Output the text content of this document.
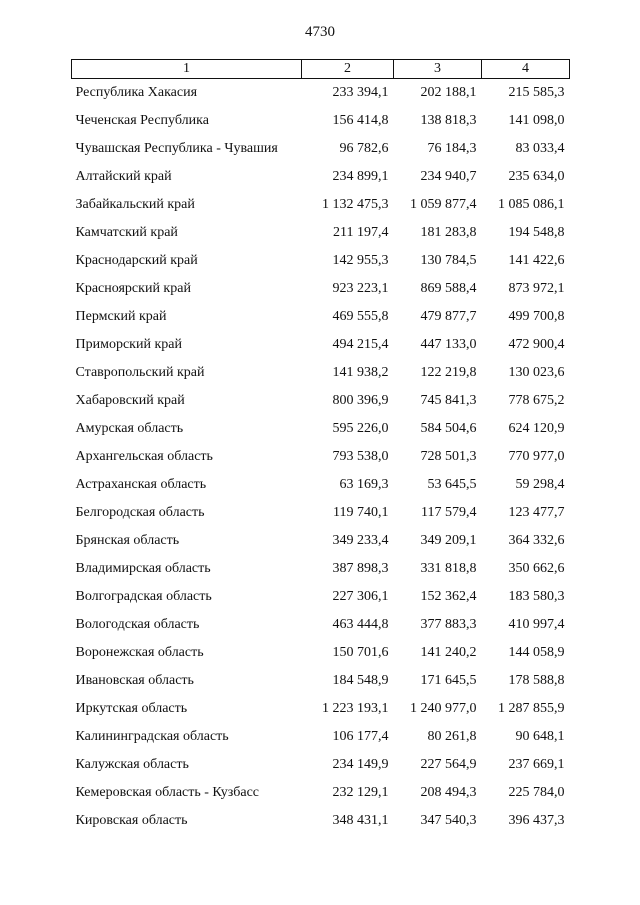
4730
1	2	3	4
Республика Хакасия	233 394,1	202 188,1	215 585,3
Чеченская Республика	156 414,8	138 818,3	141 098,0
Чувашская Республика - Чувашия	96 782,6	76 184,3	83 033,4
Алтайский край	234 899,1	234 940,7	235 634,0
Забайкальский край	1 132 475,3	1 059 877,4	1 085 086,1
Камчатский край	211 197,4	181 283,8	194 548,8
Краснодарский край	142 955,3	130 784,5	141 422,6
Красноярский край	923 223,1	869 588,4	873 972,1
Пермский край	469 555,8	479 877,7	499 700,8
Приморский край	494 215,4	447 133,0	472 900,4
Ставропольский край	141 938,2	122 219,8	130 023,6
Хабаровский край	800 396,9	745 841,3	778 675,2
Амурская область	595 226,0	584 504,6	624 120,9
Архангельская область	793 538,0	728 501,3	770 977,0
Астраханская область	63 169,3	53 645,5	59 298,4
Белгородская область	119 740,1	117 579,4	123 477,7
Брянская область	349 233,4	349 209,1	364 332,6
Владимирская область	387 898,3	331 818,8	350 662,6
Волгоградская область	227 306,1	152 362,4	183 580,3
Вологодская область	463 444,8	377 883,3	410 997,4
Воронежская область	150 701,6	141 240,2	144 058,9
Ивановская область	184 548,9	171 645,5	178 588,8
Иркутская область	1 223 193,1	1 240 977,0	1 287 855,9
Калининградская область	106 177,4	80 261,8	90 648,1
Калужская область	234 149,9	227 564,9	237 669,1
Кемеровская область - Кузбасс	232 129,1	208 494,3	225 784,0
Кировская область	348 431,1	347 540,3	396 437,3
